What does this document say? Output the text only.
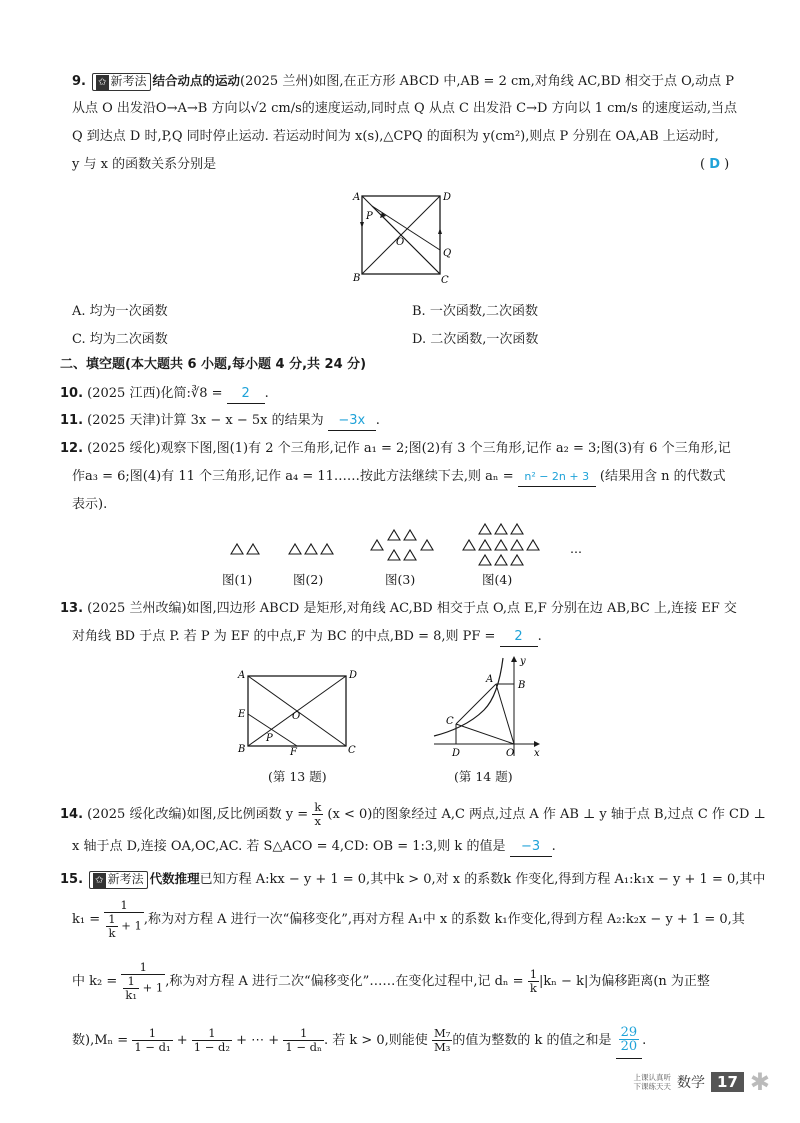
9. ✩ 新考法 结合动点的运动(2025 兰州)如图,在正方形 ABCD 中,AB = 2 cm,对角线 AC,BD 相交于点 O,动点 P
从点 O 出发沿O→A→B 方向以√2 cm/s的速度运动,同时点 Q 从点 C 出发沿 C→D 方向以 1 cm/s 的速度运动,当点
Q 到达点 D 时,P,Q 同时停止运动. 若运动时间为 x(s),△CPQ 的面积为 y(cm²),则点 P 分别在 OA,AB 上运动时,
y 与 x 的函数关系分别是	( D )
A	D
B	C
O
P
Q
A. 均为一次函数	B. 一次函数,二次函数
C. 均为二次函数	D. 二次函数,一次函数
二、填空题(本大题共 6 小题,每小题 4 分,共 24 分)
10. (2025 江西)化简:∛8 = 2 .
11. (2025 天津)计算 3x − x − 5x 的结果为 −3x .
12. (2025 绥化)观察下图,图(1)有 2 个三角形,记作 a₁ = 2;图(2)有 3 个三角形,记作 a₂ = 3;图(3)有 6 个三角形,记
作a₃ = 6;图(4)有 11 个三角形,记作 a₄ = 11……按此方法继续下去,则 aₙ = n² − 2n + 3 (结果用含 n 的代数式
表示).
…
图(1)	图(2)	图(3)	图(4)
13. (2025 兰州改编)如图,四边形 ABCD 是矩形,对角线 AC,BD 相交于点 O,点 E,F 分别在边 AB,BC 上,连接 EF 交
对角线 BD 于点 P. 若 P 为 EF 的中点,F 为 BC 的中点,BD = 8,则 PF = 2 .
A	D
B	C
E
F
O
P
(第 13 题)
A
B
C
D	O x
y
(第 14 题)
14. (2025 绥化改编)如图,反比例函数 $y = \frac{k}{x} (x < 0)$的图象经过 A,C 两点,过点 A 作 AB ⊥ y 轴于点 B,过点 C 作 CD ⊥
x 轴于点 D,连接 OA,OC,AC. 若 S△ACO = 4,CD: OB = 1:3,则 k 的值是 −3 .
15. ✩ 新考法 代数推理已知方程 A:kx − y + 1 = 0,其中k > 0,对 x 的系数k 作变化,得到方程 A₁:k₁x − y + 1 = 0,其中
$k_1 = \frac{1}{\frac{1}{k} + 1}$ ,称为对方程 A 进行一次“偏移变化”,再对方程 A₁中 x 的系数 k₁作变化,得到方程 A₂:k₂x − y + 1 = 0,其
中 $k_2 = \frac{1}{\frac{1}{\text{k₁}} + 1}$ ,称为对方程 A 进行二次“偏移变化”……在变化过程中,记 $d_n = \frac{1}{k} |k_n - k|$为偏移距离(n 为正整
数)$,M_n = \frac{1}{\text{1 − d₁}} + \frac{1}{\text{1 − d₂}}$ + ⋯ + $\frac{1}{\text{1 − dₙ}}$ . 若 k > 0,则能使 $\frac{\text{M₇}}{\text{M₃}}$ 的值为整数的 k 的值之和是 $\frac{29}{20}$ .
上课认真听
下课练天天 数学 17 ✱
